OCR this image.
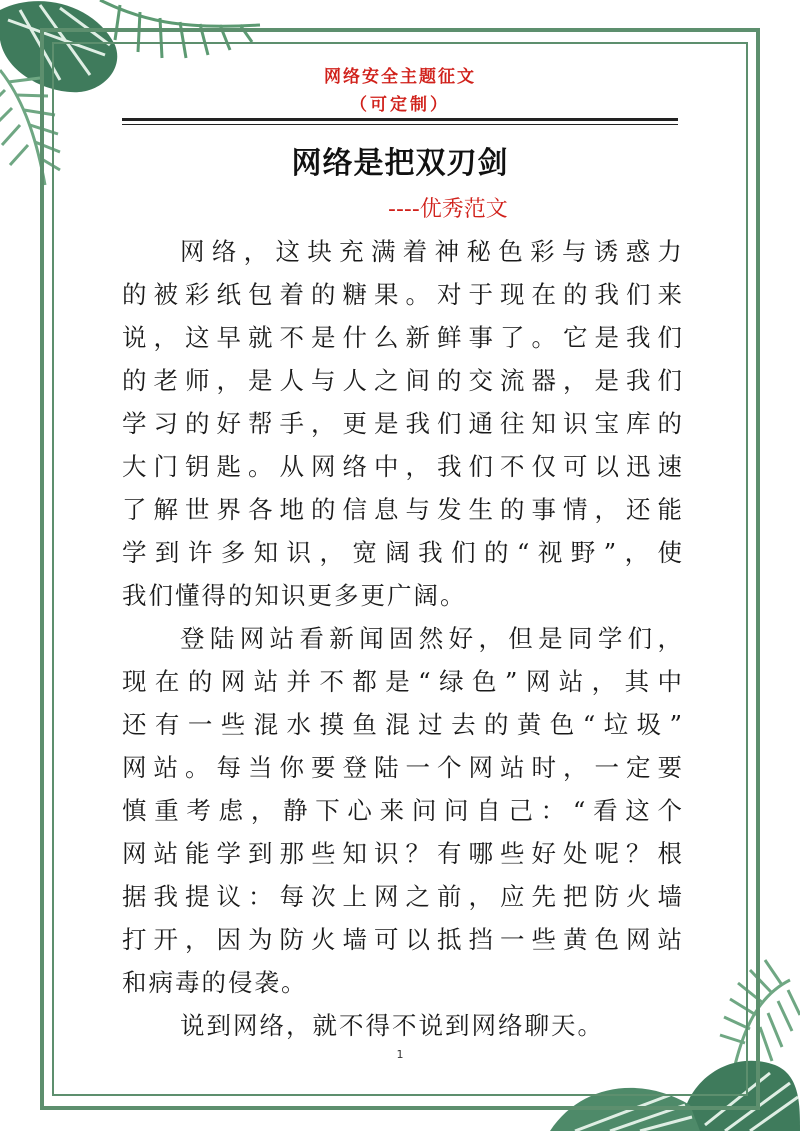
网络安全主题征文
（可定制）
网络是把双刃剑
----优秀范文
网 络 ， 这 块 充 满 着 神 秘 色 彩 与 诱 惑 力
的 被 彩 纸 包 着 的 糖 果 。 对 于 现 在 的 我 们 来
说 ， 这 早 就 不 是 什 么 新 鲜 事 了 。 它 是 我 们
的 老 师 ， 是 人 与 人 之 间 的 交 流 器 ， 是 我 们
学 习 的 好 帮 手 ， 更 是 我 们 通 往 知 识 宝 库 的
大 门 钥 匙 。 从 网 络 中 ， 我 们 不 仅 可 以 迅 速
了 解 世 界 各 地 的 信 息 与 发 生 的 事 情 ， 还 能
学 到 许 多 知 识 ， 宽 阔 我 们 的 “ 视 野 ” ， 使
我们懂得的知识更多更广阔。
登 陆 网 站 看 新 闻 固 然 好 ， 但 是 同 学 们 ，
现 在 的 网 站 并 不 都 是 “ 绿 色 ” 网 站 ， 其 中
还 有 一 些 混 水 摸 鱼 混 过 去 的 黄 色 “ 垃 圾 ”
网 站 。 每 当 你 要 登 陆 一 个 网 站 时 ， 一 定 要
慎 重 考 虑 ， 静 下 心 来 问 问 自 己 ： “ 看 这 个
网 站 能 学 到 那 些 知 识 ？ 有 哪 些 好 处 呢 ？ 根
据 我 提 议 ： 每 次 上 网 之 前 ， 应 先 把 防 火 墙
打 开 ， 因 为 防 火 墙 可 以 抵 挡 一 些 黄 色 网 站
和病毒的侵袭。
说到网络，就不得不说到网络聊天。
1
